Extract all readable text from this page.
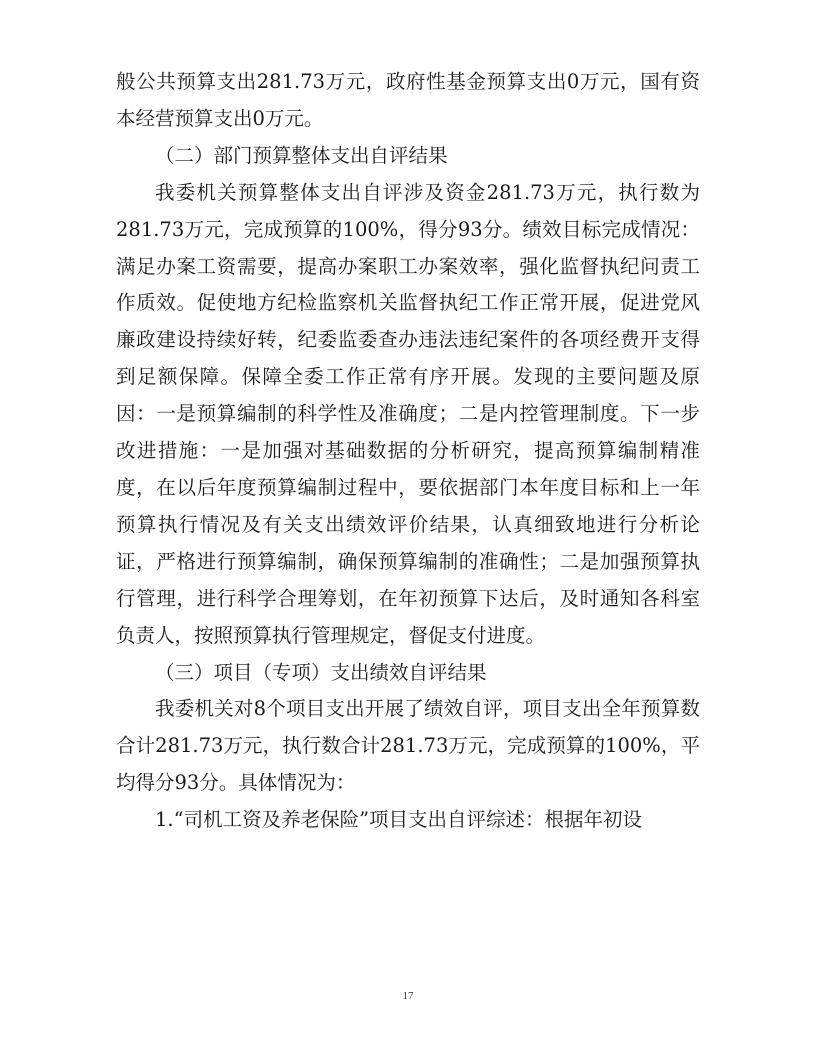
般公共预算支出281.73万元，政府性基金预算支出0万元，国有资本经营预算支出0万元。

（二）部门预算整体支出自评结果

我委机关预算整体支出自评涉及资金281.73万元，执行数为281.73万元，完成预算的100%，得分93分。绩效目标完成情况：满足办案工资需要，提高办案职工办案效率，强化监督执纪问责工作质效。促使地方纪检监察机关监督执纪工作正常开展，促进党风廉政建设持续好转，纪委监委查办违法违纪案件的各项经费开支得到足额保障。保障全委工作正常有序开展。发现的主要问题及原因：一是预算编制的科学性及准确度；二是内控管理制度。下一步改进措施：一是加强对基础数据的分析研究，提高预算编制精准度，在以后年度预算编制过程中，要依据部门本年度目标和上一年预算执行情况及有关支出绩效评价结果，认真细致地进行分析论证，严格进行预算编制，确保预算编制的准确性；二是加强预算执行管理，进行科学合理筹划，在年初预算下达后，及时通知各科室负责人，按照预算执行管理规定，督促支付进度。

（三）项目（专项）支出绩效自评结果

我委机关对8个项目支出开展了绩效自评，项目支出全年预算数合计281.73万元，执行数合计281.73万元，完成预算的100%，平均得分93分。具体情况为：

1.“司机工资及养老保险”项目支出自评综述：根据年初设

17
